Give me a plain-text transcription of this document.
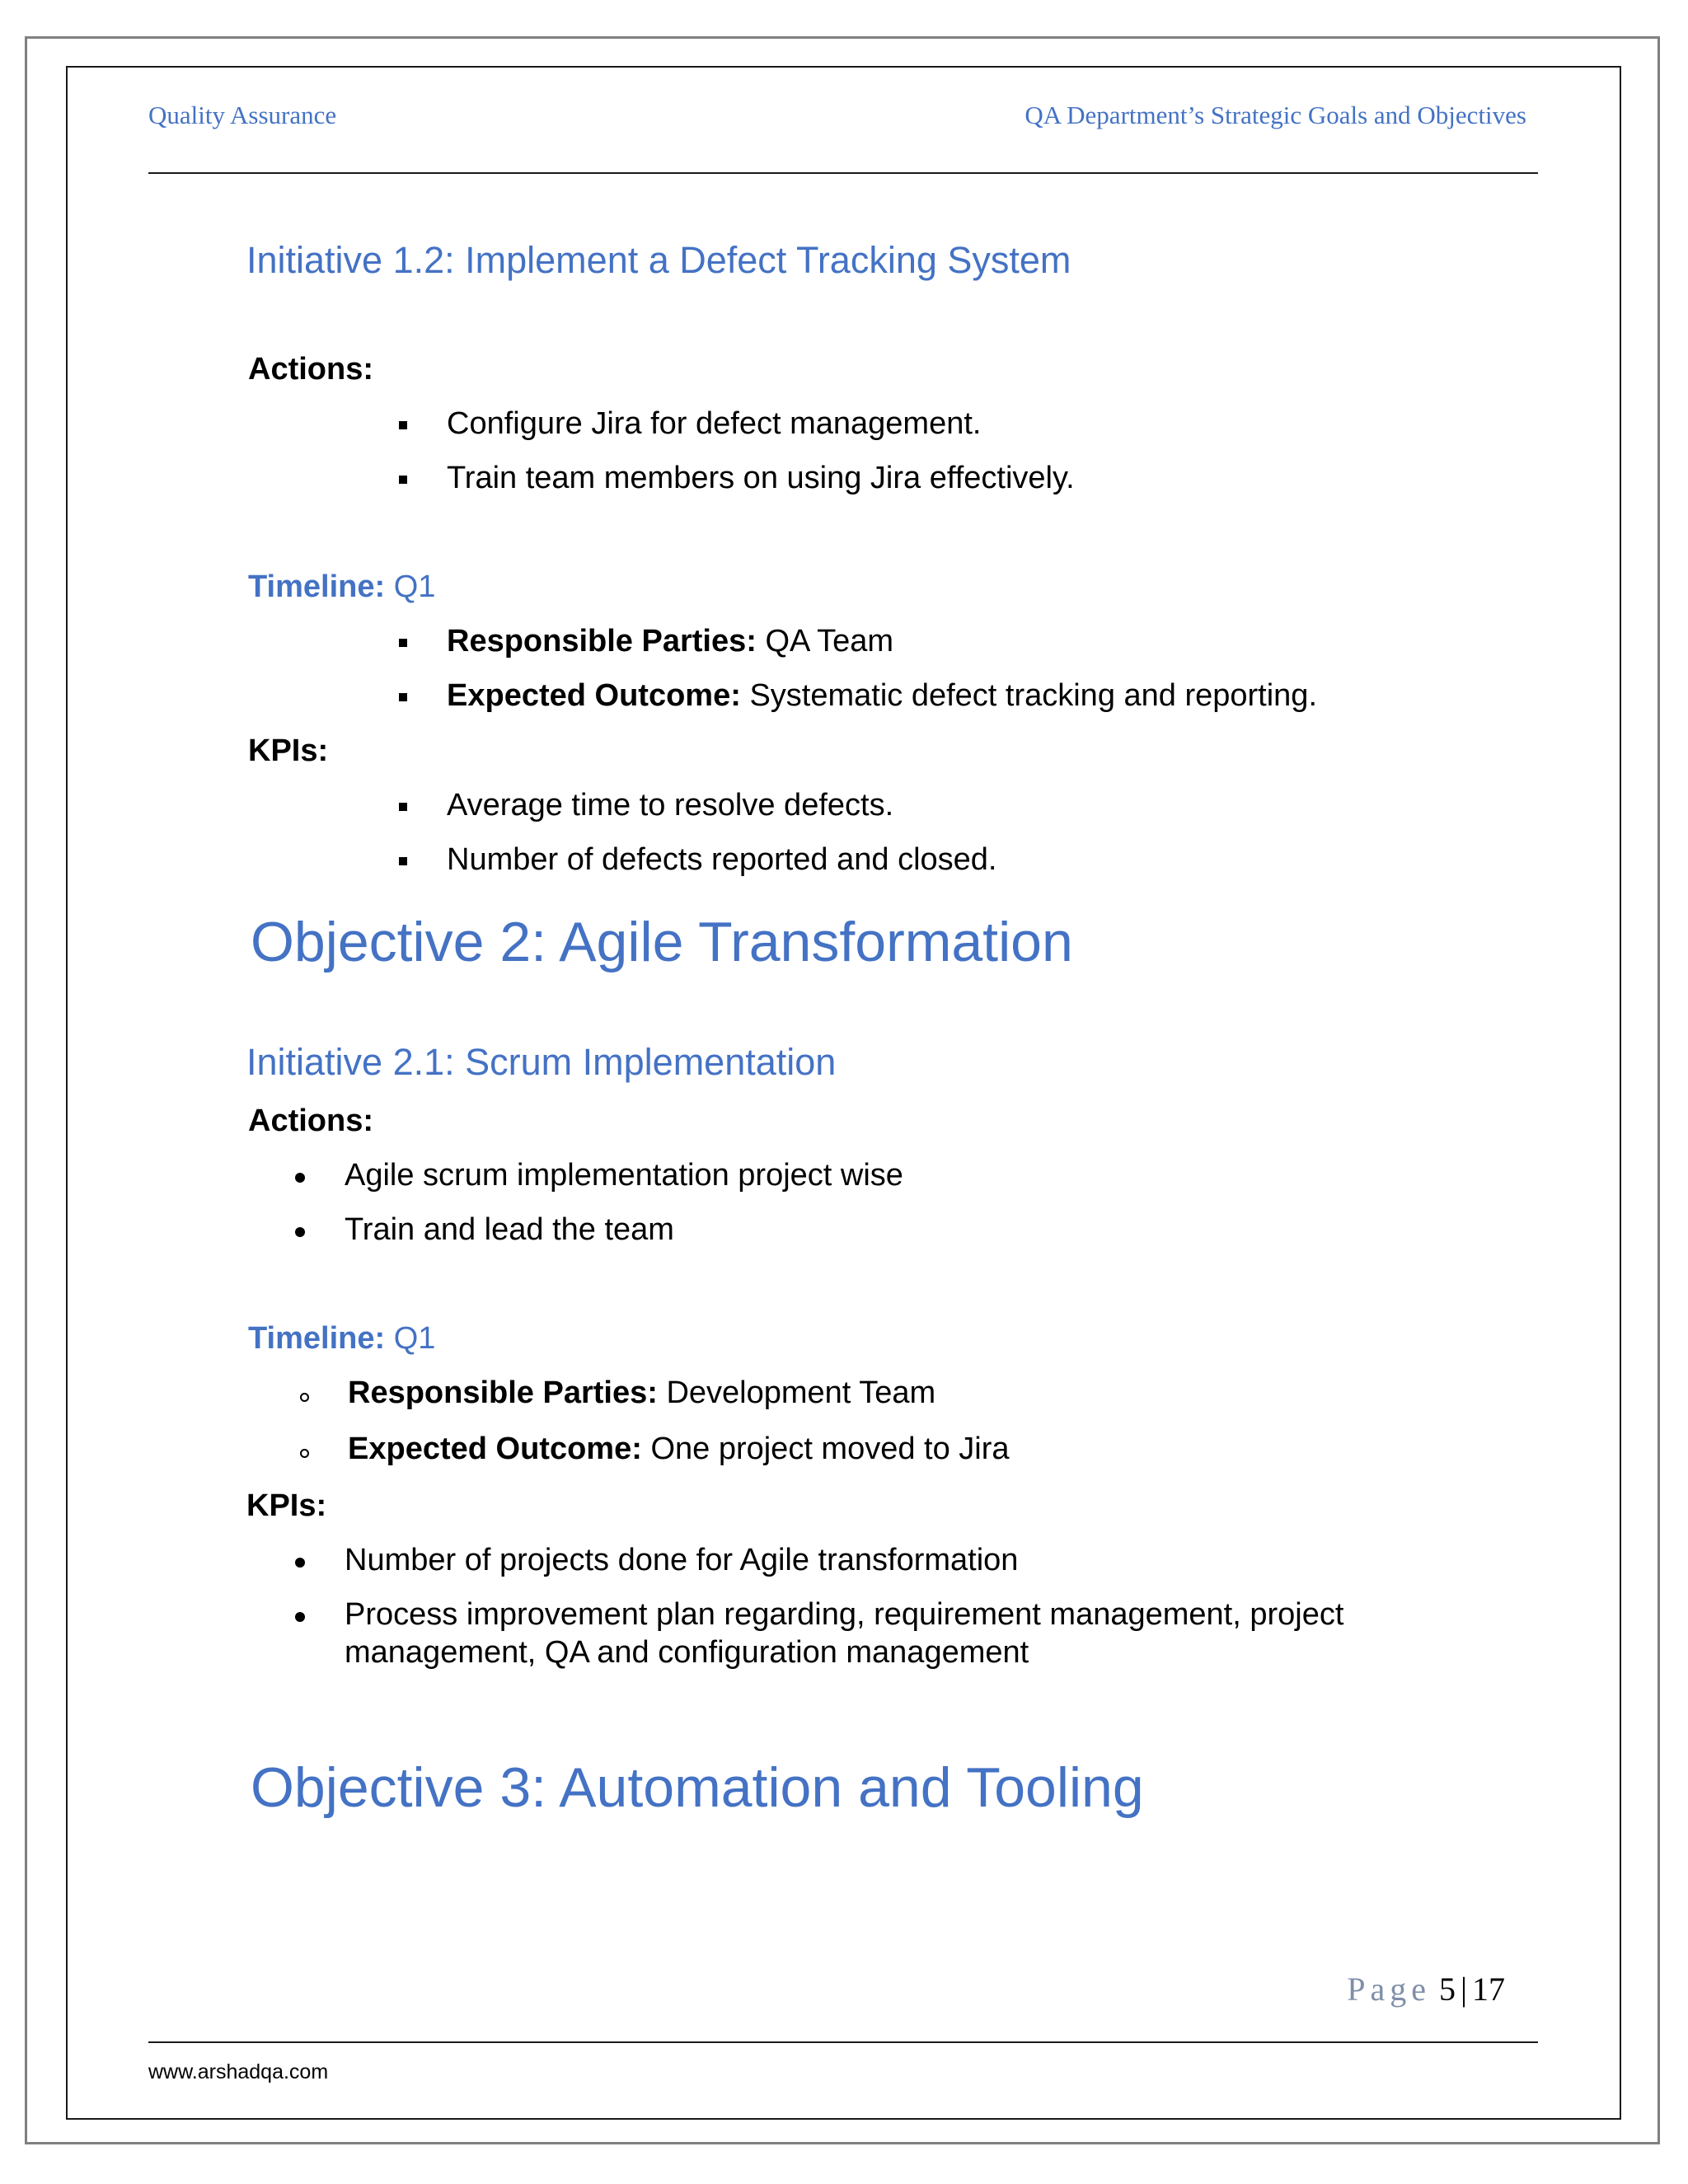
Quality Assurance	QA Department’s Strategic Goals and Objectives
Initiative 1.2: Implement a Defect Tracking System
Actions:
Configure Jira for defect management.
Train team members on using Jira effectively.
Timeline: Q1
Responsible Parties: QA Team
Expected Outcome: Systematic defect tracking and reporting.
KPIs:
Average time to resolve defects.
Number of defects reported and closed.
Objective 2: Agile Transformation
Initiative 2.1: Scrum Implementation
Actions:
Agile scrum implementation project wise
Train and lead the team
Timeline: Q1
Responsible Parties: Development Team
Expected Outcome: One project moved to Jira
KPIs:
Number of projects done for Agile transformation
Process improvement plan regarding, requirement management, project
management, QA and configuration management
Objective 3: Automation and Tooling
Page 5 | 17
www.arshadqa.com
